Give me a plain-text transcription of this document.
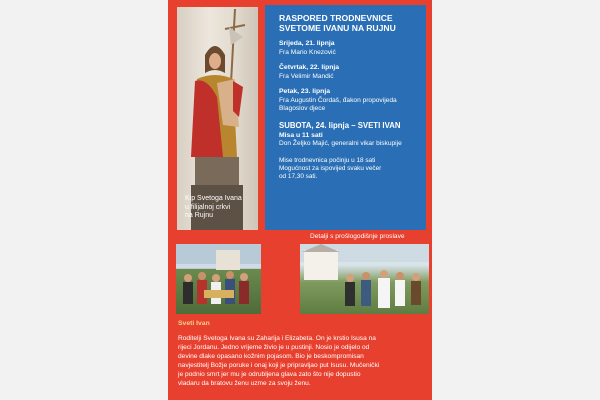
Kip Svetoga Ivana
u filijalnoj crkvi
na Rujnu
RASPORED TRODNEVNICE
SVETOME IVANU NA RUJNU
Srijeda, 21. lipnja
Fra Mario Knezović
Četvrtak, 22. lipnja
Fra Velimir Mandić
Petak, 23. lipnja
Fra Augustin Čordaš, đakon propovijeda
Blagoslov djece
SUBOTA, 24. lipnja – SVETI IVAN
Misa u 11 sati
Don Željko Majić, generalni vikar biskupije
Mise trodnevnica počinju u 18 sati
Mogućnost za ispovijed svaku večer
od 17,30 sati.
Detalji s prošlogodišnje proslave
Sveti Ivan
Roditelji Svetoga Ivana su Zaharija i Elizabeta. On je krstio Isusa na
rijeci Jordanu. Jedno vrijeme živio je u pustinji. Nosio je odijelo od
devine dlake opasano kožnim pojasom. Bio je beskompromisan
navjestitelj Božje poruke i onaj koji je pripravljao put Isusu. Mučenički
je podnio smrt jer mu je odrubljena glava zato što nije dopustio
vladaru da bratovu ženu uzme za svoju ženu.
